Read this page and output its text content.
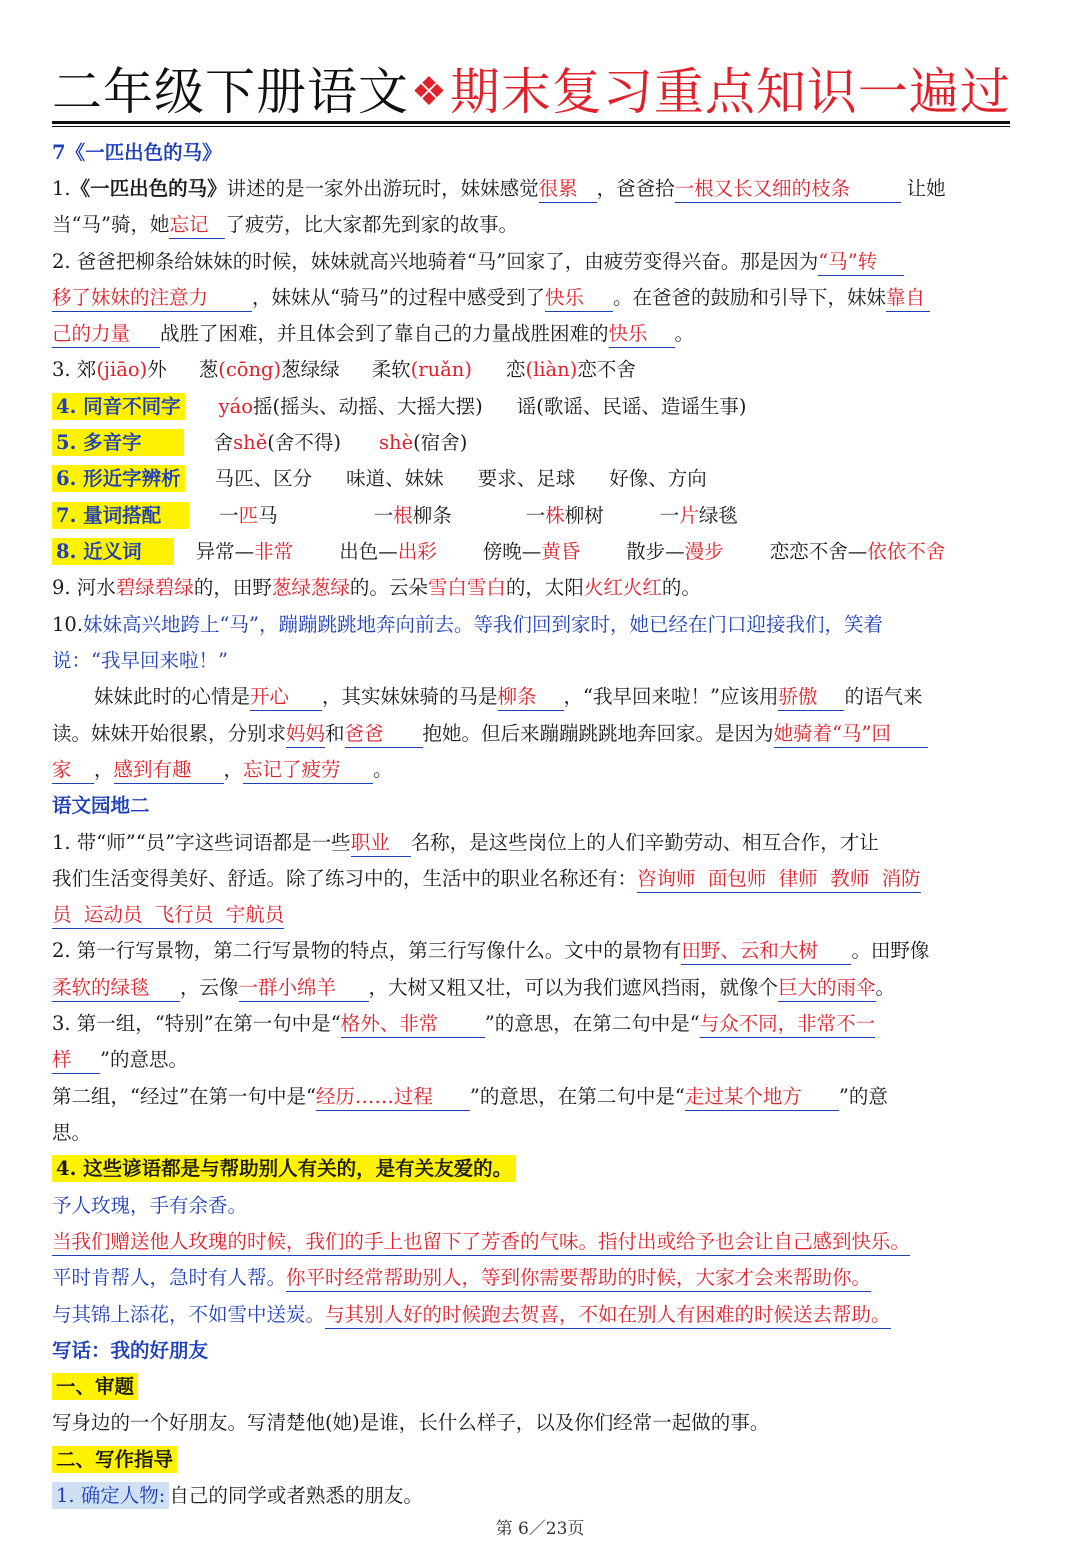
二年级下册语文❖期末复习重点知识一遍过
7《一匹出色的马》
1.《一匹出色的马》讲述的是一家外出游玩时，妹妹感觉很累 ，爸爸拾一根又长又细的枝条	让她
当“马”骑，她忘记 了疲劳，比大家都先到家的故事。
2. 爸爸把柳条给妹妹的时候，妹妹就高兴地骑着“马”回家了，由疲劳变得兴奋。那是因为“马”转
移了妹妹的注意力 ，妹妹从“骑马”的过程中感受到了快乐 。在爸爸的鼓励和引导下，妹妹靠自
己的力量 战胜了困难，并且体会到了靠自己的力量战胜困难的快乐 。
3. 郊(jiāo)外 葱(cōng)葱绿绿 柔软(ruǎn) 恋(liàn)恋不舍
4. 同音不同字 yáo摇(摇头、动摇、大摇大摆) 谣(歌谣、民谣、造谣生事)
5. 多音字	舍shě(舍不得) shè(宿舍)
6. 形近字辨析 马匹、区分 味道、妹妹 要求、足球 好像、方向
7. 量词搭配	一匹马	一根柳条	一株柳树	一片绿毯
8. 近义词	异常—非常 出色—出彩 傍晚—黄昏 散步—漫步 恋恋不舍—依依不舍
9. 河水碧绿碧绿的，田野葱绿葱绿的。云朵雪白雪白的，太阳火红火红的。
10.妹妹高兴地跨上“马”，蹦蹦跳跳地奔向前去。等我们回到家时，她已经在门口迎接我们，笑着
说：“我早回来啦！”
妹妹此时的心情是开心 ，其实妹妹骑的马是柳条 ，“我早回来啦！”应该用骄傲 的语气来
读。妹妹开始很累，分别求妈妈和爸爸 抱她。但后来蹦蹦跳跳地奔回家。是因为她骑着“马”回
家 ，感到有趣 ，忘记了疲劳 。
语文园地二
1. 带“师”“员”字这些词语都是一些职业 名称，是这些岗位上的人们辛勤劳动、相互合作，才让
我们生活变得美好、舒适。除了练习中的，生活中的职业名称还有：咨询师  面包师  律师  教师  消防
员  运动员  飞行员  宇航员
2. 第一行写景物，第二行写景物的特点，第三行写像什么。文中的景物有田野、云和大树 。田野像
柔软的绿毯 ，云像一群小绵羊 ，大树又粗又壮，可以为我们遮风挡雨，就像个巨大的雨伞。
3. 第一组，“特别”在第一句中是“格外、非常 ”的意思，在第二句中是“与众不同，非常不一
样 ”的意思。
第二组，“经过”在第一句中是“经历……过程 ”的意思，在第二句中是“走过某个地方 ”的意
思。
4. 这些谚语都是与帮助别人有关的，是有关友爱的。
予人玫瑰，手有余香。
当我们赠送他人玫瑰的时候，我们的手上也留下了芳香的气味。指付出或给予也会让自己感到快乐。
平时肯帮人，急时有人帮。你平时经常帮助别人，等到你需要帮助的时候，大家才会来帮助你。
与其锦上添花，不如雪中送炭。与其别人好的时候跑去贺喜，不如在别人有困难的时候送去帮助。
写话：我的好朋友
一、审题
写身边的一个好朋友。写清楚他(她)是谁，长什么样子，以及你们经常一起做的事。
二、写作指导
1. 确定人物: 自己的同学或者熟悉的朋友。
第 6／23页
